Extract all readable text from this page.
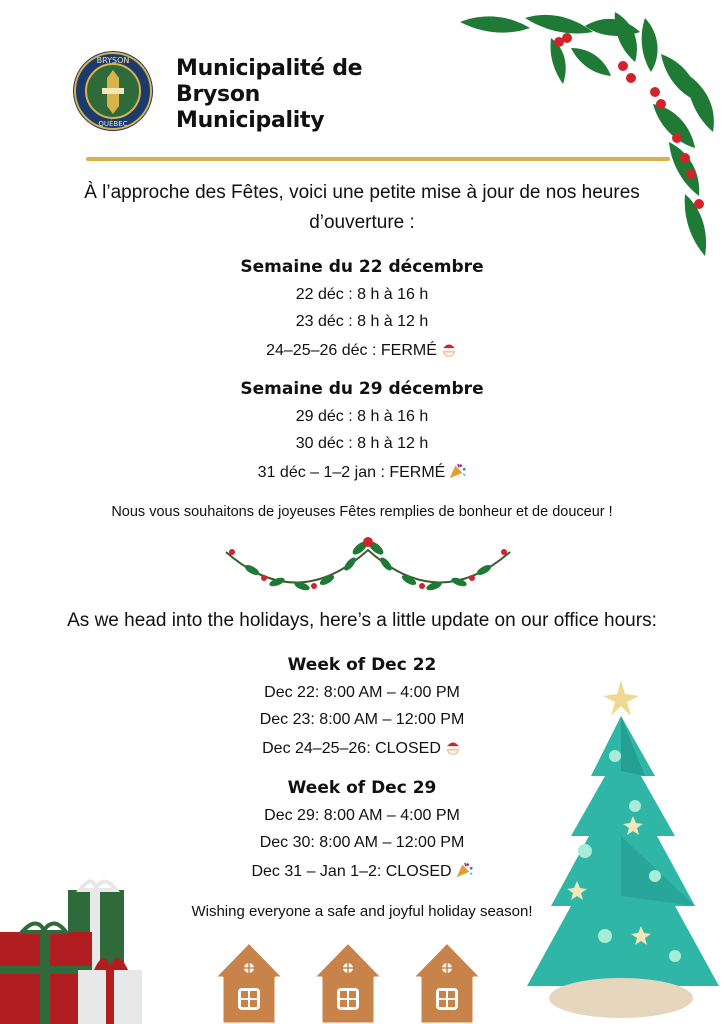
BRYSON
QUÉBEC
Municipalité de
Bryson
Municipality
À l’approche des Fêtes, voici une petite mise à jour de nos heures d’ouverture :
Semaine du 22 décembre
22 déc : 8 h à 16 h
23 déc : 8 h à 12 h
24–25–26 déc : FERMÉ
Semaine du 29 décembre
29 déc : 8 h à 16 h
30 déc : 8 h à 12 h
31 déc – 1–2 jan : FERMÉ
Nous vous souhaitons de joyeuses Fêtes remplies de bonheur et de douceur !
As we head into the holidays, here’s a little update on our office hours:
Week of Dec 22
Dec 22: 8:00 AM – 4:00 PM
Dec 23: 8:00 AM – 12:00 PM
Dec 24–25–26: CLOSED
Week of Dec 29
Dec 29: 8:00 AM – 4:00 PM
Dec 30: 8:00 AM – 12:00 PM
Dec 31 – Jan 1–2: CLOSED
Wishing everyone a safe and joyful holiday season!
